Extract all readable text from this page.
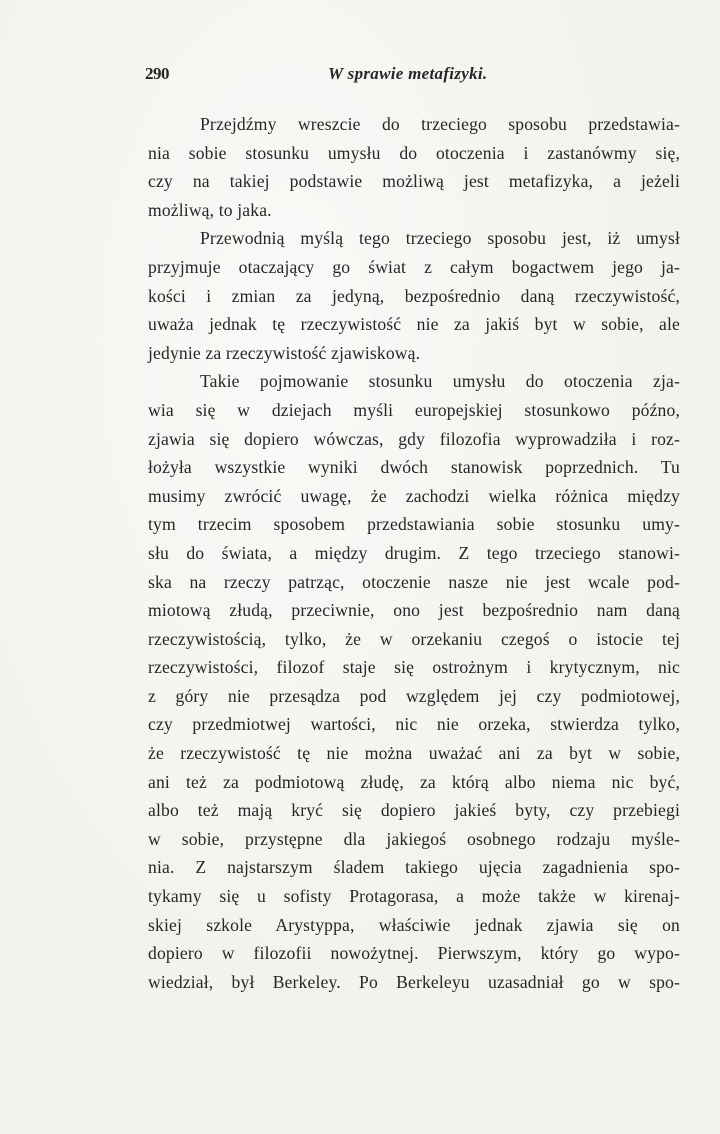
290	W sprawie metafizyki.
Przejdźmy wreszcie do trzeciego sposobu przedstawia-
nia sobie stosunku umysłu do otoczenia i zastanówmy się,
czy na takiej podstawie możliwą jest metafizyka, a jeżeli
możliwą, to jaka.
Przewodnią myślą tego trzeciego sposobu jest, iż umysł
przyjmuje otaczający go świat z całym bogactwem jego ja-
kości i zmian za jedyną, bezpośrednio daną rzeczywistość,
uważa jednak tę rzeczywistość nie za jakiś byt w sobie, ale
jedynie za rzeczywistość zjawiskową.
Takie pojmowanie stosunku umysłu do otoczenia zja-
wia się w dziejach myśli europejskiej stosunkowo późno,
zjawia się dopiero wówczas, gdy filozofia wyprowadziła i roz-
łożyła wszystkie wyniki dwóch stanowisk poprzednich. Tu
musimy zwrócić uwagę, że zachodzi wielka różnica między
tym trzecim sposobem przedstawiania sobie stosunku umy-
słu do świata, a między drugim. Z tego trzeciego stanowi-
ska na rzeczy patrząc, otoczenie nasze nie jest wcale pod-
miotową złudą, przeciwnie, ono jest bezpośrednio nam daną
rzeczywistością, tylko, że w orzekaniu czegoś o istocie tej
rzeczywistości, filozof staje się ostrożnym i krytycznym, nic
z góry nie przesądza pod względem jej czy podmiotowej,
czy przedmiotwej wartości, nic nie orzeka, stwierdza tylko,
że rzeczywistość tę nie można uważać ani za byt w sobie,
ani też za podmiotową złudę, za którą albo niema nic być,
albo też mają kryć się dopiero jakieś byty, czy przebiegi
w sobie, przystępne dla jakiegoś osobnego rodzaju myśle-
nia. Z najstarszym śladem takiego ujęcia zagadnienia spo-
tykamy się u sofisty Protagorasa, a może także w kirenaj-
skiej szkole Arystyppa, właściwie jednak zjawia się on
dopiero w filozofii nowożytnej. Pierwszym, który go wypo-
wiedział, był Berkeley. Po Berkeleyu uzasadniał go w spo-
